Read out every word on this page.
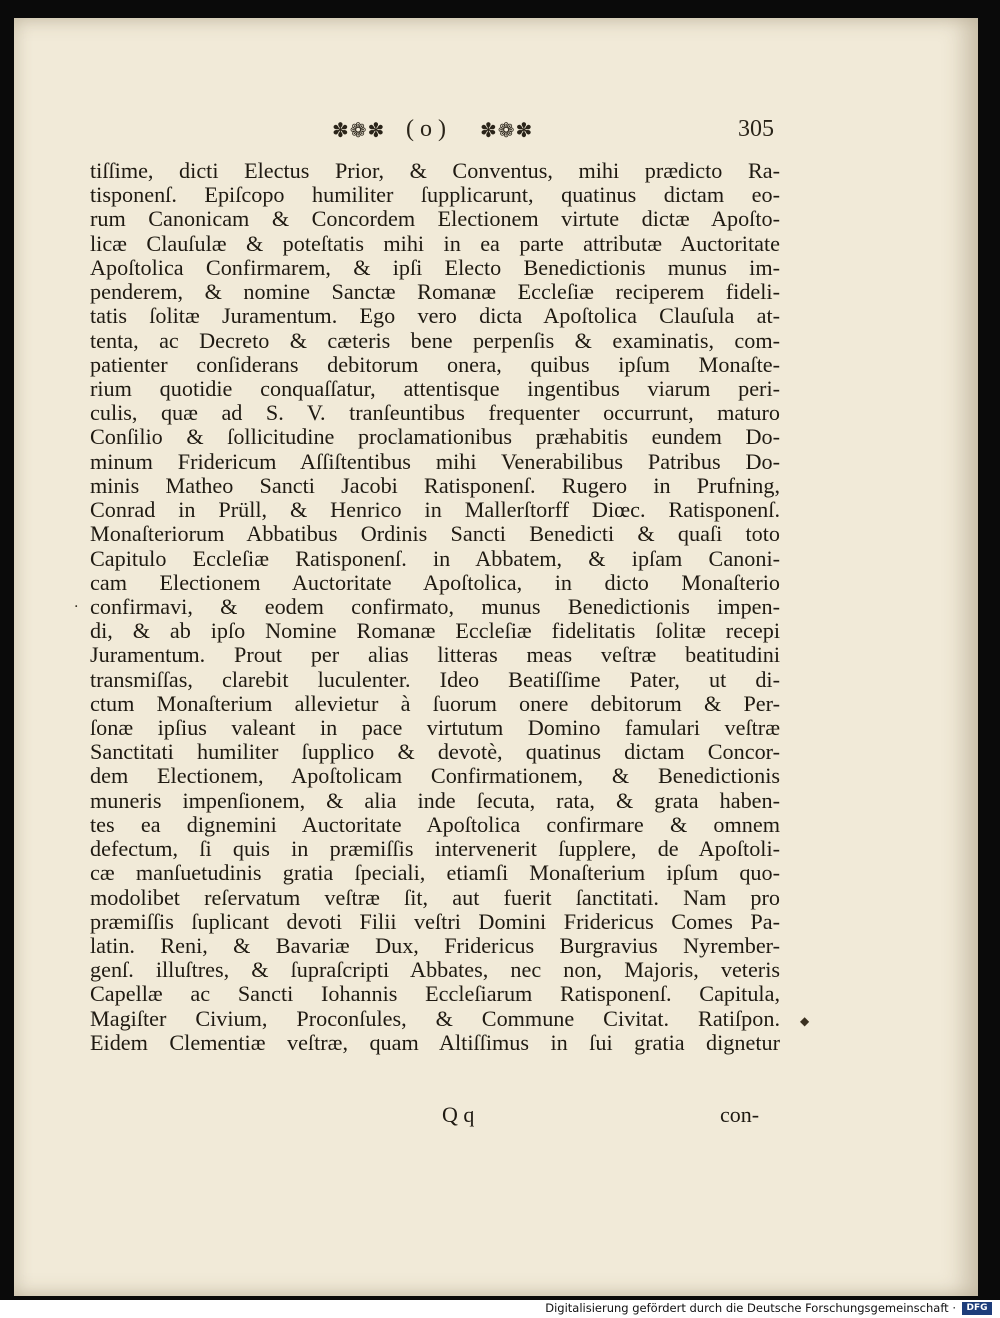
✽❁✽ ( o ) ✽❁✽	305
.
◆
tiſſime, dicti Electus Prior, & Conventus, mihi prædicto Ra-
tisponenſ. Epiſcopo humiliter ſupplicarunt, quatinus dictam eo-
rum Canonicam & Concordem Electionem virtute dictæ Apoſto-
licæ Clauſulæ & poteſtatis mihi in ea parte attributæ Auctoritate
Apoſtolica Confirmarem, & ipſi Electo Benedictionis munus im-
penderem, & nomine Sanctæ Romanæ Eccleſiæ reciperem fideli-
tatis ſolitæ Juramentum. Ego vero dicta Apoſtolica Clauſula at-
tenta, ac Decreto & cæteris bene perpenſis & examinatis, com-
patienter conſiderans debitorum onera, quibus ipſum Monaſte-
rium quotidie conquaſſatur, attentisque ingentibus viarum peri-
culis, quæ ad S. V. tranſeuntibus frequenter occurrunt, maturo
Conſilio & ſollicitudine proclamationibus præhabitis eundem Do-
minum Fridericum Aſſiſtentibus mihi Venerabilibus Patribus Do-
minis Matheo Sancti Jacobi Ratisponenſ. Rugero in Prufning,
Conrad in Prüll, & Henrico in Mallerſtorff Diœc. Ratisponenſ.
Monaſteriorum Abbatibus Ordinis Sancti Benedicti & quaſi toto
Capitulo Eccleſiæ Ratisponenſ. in Abbatem, & ipſam Canoni-
cam Electionem Auctoritate Apoſtolica, in dicto Monaſterio
confirmavi, & eodem confirmato, munus Benedictionis impen-
di, & ab ipſo Nomine Romanæ Eccleſiæ fidelitatis ſolitæ recepi
Juramentum. Prout per alias litteras meas veſtræ beatitudini
transmiſſas, clarebit luculenter. Ideo Beatiſſime Pater, ut di-
ctum Monaſterium allevietur à ſuorum onere debitorum & Per-
ſonæ ipſius valeant in pace virtutum Domino famulari veſtræ
Sanctitati humiliter ſupplico & devotè, quatinus dictam Concor-
dem Electionem, Apoſtolicam Confirmationem, & Benedictionis
muneris impenſionem, & alia inde ſecuta, rata, & grata haben-
tes ea dignemini Auctoritate Apoſtolica confirmare & omnem
defectum, ſi quis in præmiſſis intervenerit ſupplere, de Apoſtoli-
cæ manſuetudinis gratia ſpeciali, etiamſi Monaſterium ipſum quo-
modolibet reſervatum veſtræ ſit, aut fuerit ſanctitati. Nam pro
præmiſſis ſuplicant devoti Filii veſtri Domini Fridericus Comes Pa-
latin. Reni, & Bavariæ Dux, Fridericus Burgravius Nyrember-
genſ. illuſtres, & ſupraſcripti Abbates, nec non, Majoris, veteris
Capellæ ac Sancti Iohannis Eccleſiarum Ratisponenſ. Capitula,
Magiſter Civium, Proconſules, & Commune Civitat. Ratiſpon.
Eidem Clementiæ veſtræ, quam Altiſſimus in ſui gratia dignetur
Q q	con-
Digitalisierung gefördert durch die Deutsche Forschungsgemeinschaft ·	DFG
